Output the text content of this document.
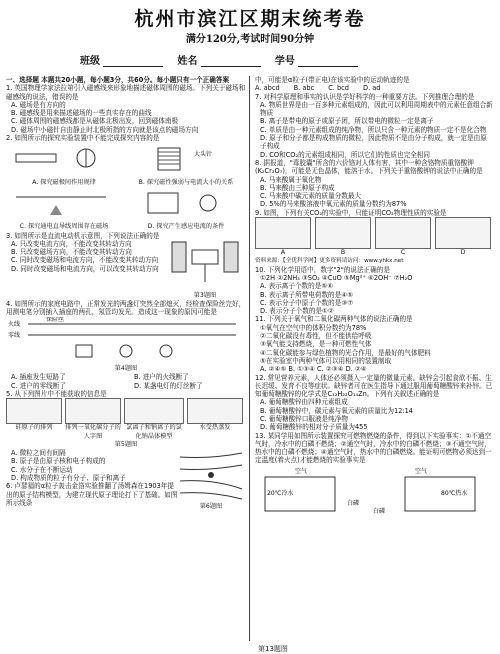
杭州市滨江区期末统考卷
满分120分,考试时间90分钟
班级	姓名	学号

一、选择题 本题共20小题，每小题3分，共60分。每小题只有一个正确答案

1. 英国物理学家法拉第引入磁感线来形象地描述磁体周围的磁场。下列关于磁场和磁感线的说法，错误的是

A. 磁场是有方向的

B. 磁感线是用来描述磁场的一些真实存在的曲线

C. 磁体周围的磁感线都是从磁体北极出发，回到磁体南极

D. 磁场中小磁针自由静止时北极所指的方向就是该点的磁场方向

2. 如图所示的探究实验装置中不能完成探究内容的是

A. 探究磁极间作用规律
大头针
B. 探究磁性强弱与电流大小的关系
C. 探究通电直导线周围存在磁场	D. 探究产生感应电流的条件

3. 如图所示是直流电动机示意图，下列说法正确的是

A. 只改变电流方向，不能改变其转动方向

B. 只改变磁场方向，不能改变其转动方向

C. 同时改变磁场和电流方向，不能改变其转动方向

D. 同时改变磁场和电流方向，可以改变其转动方向

第3题图

4. 如图所示的家庭电路中，正常发光的两盏灯突然全部熄灭，经检查保险丝完好，用测电笔分别插入插座的两孔，氖管均发光。造成这一现象的原因可能是

火线
零线
保险丝
第4题图

A. 插座发生短路了	B. 进户的火线断了

C. 进户的零线断了	D. 某盏电灯的灯丝断了

5. 从下列图片中不能获取的信息是

硅原子的排列	排列一氧化碳分子的人字图
氯离子和钠离子的氯化钠晶体模型
水受热蒸发
第5题图

A. 微粒之间有间隔

B. 原子是由原子核和电子构成的

C. 水分子在不断运动

D. 构成物质的粒子有分子、原子和离子

6. 卢瑟福的α粒子轰击金箔实验推翻了汤姆森在1903年提出的原子结构模型，为建立现代原子理论打下了基础。如图所示线条

第6题图

中，可能是α粒子(带正电)在该实验中的运动轨迹的是

A. abcd B. abc C. bcd D. ad

7. 对科学原理和事实的认识是学好科学的一种重要方法。下列推理合理的是

A. 物质世界是由一百多种元素组成的，因此可以利用周期表中的元素任意组合新物质

B. 离子是带电的原子或原子团，所以带电的微粒一定是离子

C. 单质是由一种元素组成的纯净物，所以只含一种元素的物质一定不是化合物

D. 原子和分子都是构成物质的微粒，因此物质不是由分子构成，就一定是由原子构成

D. CO和CO₂的元素组成相同，所以它们的性质也完全相同

8. 据报道，"毒胶囊"所含的六价铬对人体有害，其中一种含铬物质重铬酸钾(K₂Cr₂O₇)，可能是无色晶体，能溶于水。下列关于重铬酸钾的说法中正确的是

A. 马来酸属于氧化物

B. 马来酸由三种原子构成

C. 马来酸中碳元素的质量分数最大

D. 5%的马来酸溶液中氧元素的质量分数约为87%

9. 如图，下列有关CO₂的实验中，只能证明CO₂物理性质的实验是

A	B	C	D

资料来源：【全优科学网】更多资料请访问：www.yhkx.net

10. 下列化学用语中，数字"2"的说法正确的是

①2H ②2NH₃ ③SO₂ ④CuO ⑤Mg²⁺ ⑥2OH⁻ ⑦H₂O

A. 表示离子个数的是⑤⑥

B. 表示离子所带电荷数的是④⑤

C. 表示分子中原子个数的是③⑦

D. 表示分子个数的是①②

11. 下列关于氧气和二氧化碳两种气体的说法正确的是

①氧气在空气中的体积分数约为78%

②二氧化碳没有毒性，但不能供给呼吸

③氧气能支持燃烧，是一种可燃性气体

④二氧化碳能参与绿色植物的光合作用，是最好的气体肥料

⑤在实验室中两种气体可以用相同的装置制取

A. ②④⑤ B. ①③④ C. ②③④ D. ②④

12. 常见营养元素，人体还必须摄入一定量的微量元素。缺锌会引起食欲不振、生长迟缓、发育不良等症状。缺锌者可在医生指导下通过服用葡萄糖酸锌来补锌。已知葡萄糖酸锌的化学式是C₁₂H₂₂O₁₄Zn。下列有关叙述正确的是

A. 葡萄糖酸锌由四种元素组成

B. 葡萄糖酸锌中，碳元素与氧元素的质量比为12:14

C. 葡萄糖酸锌口服液是纯净物

D. 葡萄糖酸锌的相对分子质量为455

13. 某同学用如图所示装置探究可燃物燃烧的条件，得到以下实验事实：①不通空气时，冷水中的白磷不燃烧；②通空气时，冷水中的白磷不燃烧；③不通空气时，热水中的白磷不燃烧；④通空气时，热水中的白磷燃烧。能证明可燃物必须达到一定温度(着火点)才能燃烧的实验事实是

空气
20℃冷水
白磷
空气
80℃热水
白磷
第13题图
